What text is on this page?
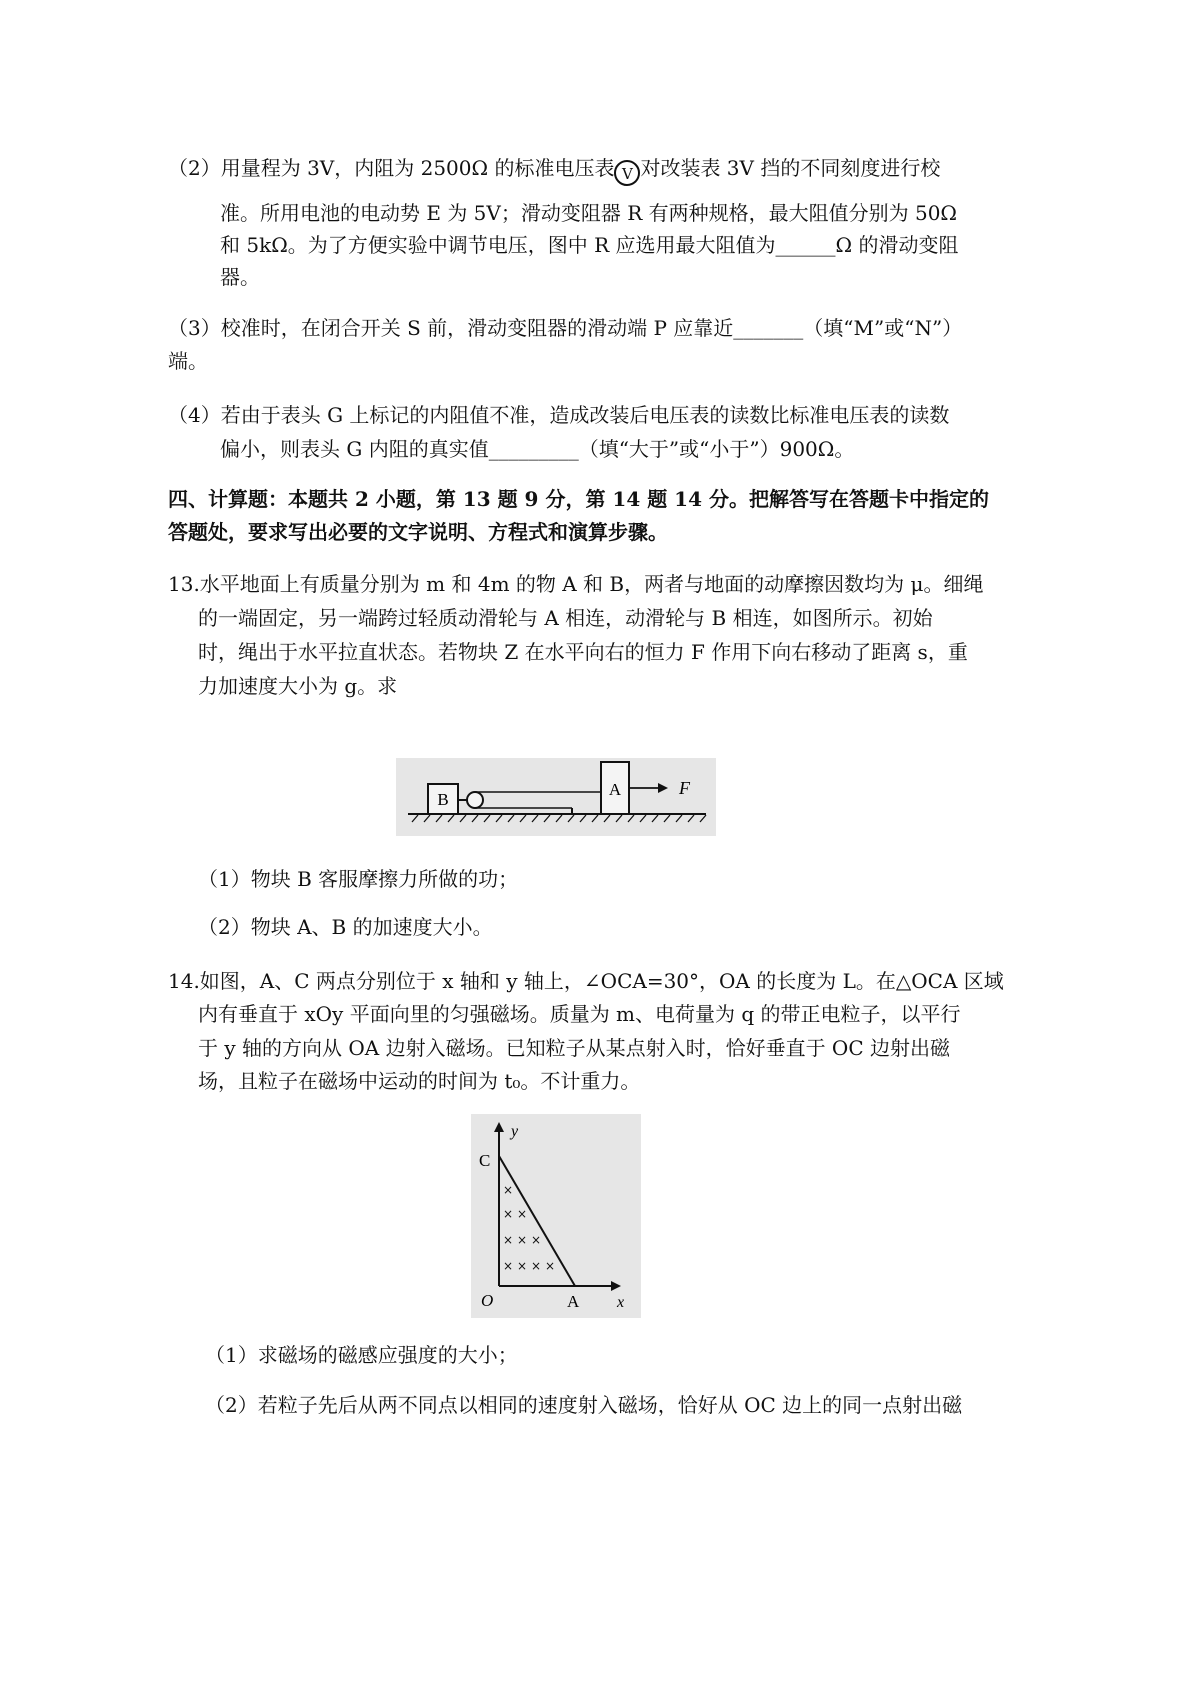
（2）用量程为 3V，内阻为 2500Ω 的标准电压表 V 对改装表 3V 挡的不同刻度进行校
准。所用电池的电动势 E 为 5V；滑动变阻器 R 有两种规格，最大阻值分别为 50Ω
和 5kΩ。为了方便实验中调节电压，图中 R 应选用最大阻值为______Ω 的滑动变阻
器。
（3）校准时，在闭合开关 S 前，滑动变阻器的滑动端 P 应靠近_______（填“M”或“N”）
端。
（4）若由于表头 G 上标记的内阻值不准，造成改装后电压表的读数比标准电压表的读数
偏小，则表头 G 内阻的真实值_________（填“大于”或“小于”）900Ω。
四、计算题：本题共 2 小题，第 13 题 9 分，第 14 题 14 分。把解答写在答题卡中指定的
答题处，要求写出必要的文字说明、方程式和演算步骤。
13.水平地面上有质量分别为 m 和 4m 的物 A 和 B，两者与地面的动摩擦因数均为 μ。细绳
的一端固定，另一端跨过轻质动滑轮与 A 相连，动滑轮与 B 相连，如图所示。初始
时，绳出于水平拉直状态。若物块 Z 在水平向右的恒力 F 作用下向右移动了距离 s，重
力加速度大小为 g。求
B
A	F
（1）物块 B 客服摩擦力所做的功；
（2）物块 A、B 的加速度大小。
14.如图，A、C 两点分别位于 x 轴和 y 轴上，∠OCA=30°，OA 的长度为 L。在△OCA 区域
内有垂直于 xOy 平面向里的匀强磁场。质量为 m、电荷量为 q 的带正电粒子，以平行
于 y 轴的方向从 OA 边射入磁场。已知粒子从某点射入时，恰好垂直于 OC 边射出磁
场，且粒子在磁场中运动的时间为 t₀。不计重力。
y
C
O	A x
×
× ×
× × ×
× × × ×
（1）求磁场的磁感应强度的大小；
（2）若粒子先后从两不同点以相同的速度射入磁场，恰好从 OC 边上的同一点射出磁
